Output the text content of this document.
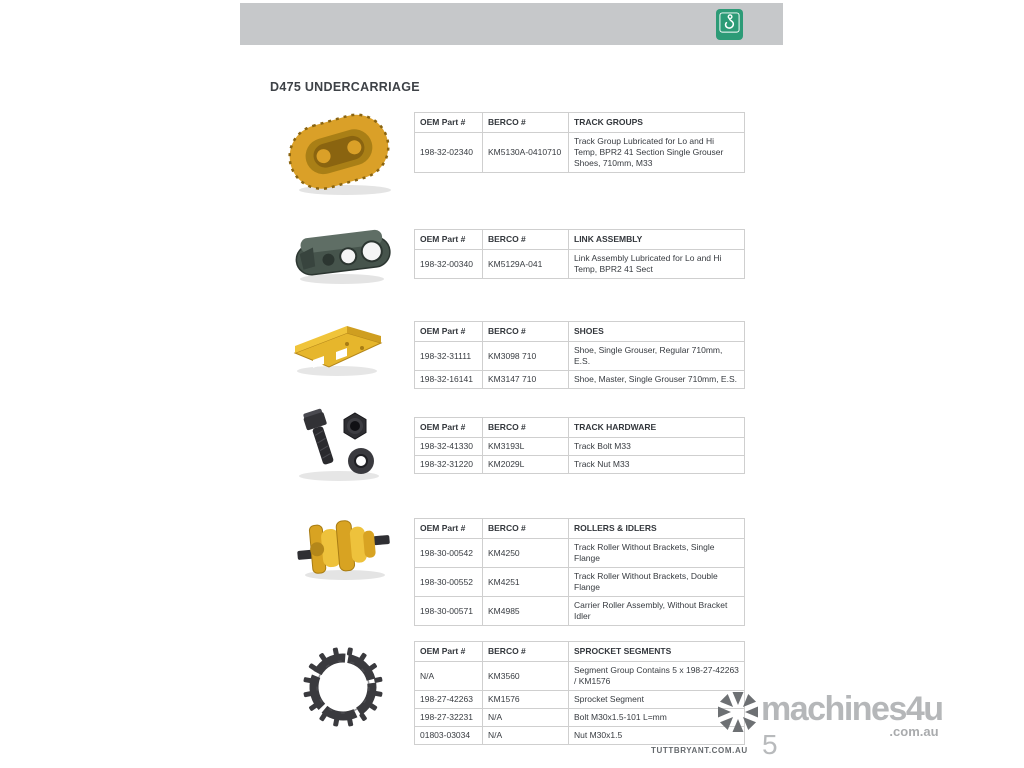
D475 UNDERCARRIAGE
OEM Part #	BERCO #	TRACK GROUPS
198-32-02340	KM5130A-0410710	Track Group Lubricated for Lo and Hi Temp, BPR2 41 Section Single Grouser Shoes, 710mm, M33
OEM Part #	BERCO #	LINK ASSEMBLY
198-32-00340	KM5129A-041	Link Assembly Lubricated for Lo and Hi Temp, BPR2 41 Sect
OEM Part #	BERCO #	SHOES
198-32-31111	KM3098 710	Shoe, Single Grouser, Regular 710mm, E.S.
198-32-16141	KM3147 710	Shoe, Master, Single Grouser 710mm, E.S.
OEM Part #	BERCO #	TRACK HARDWARE
198-32-41330	KM3193L	Track Bolt M33
198-32-31220	KM2029L	Track Nut M33
OEM Part #	BERCO #	ROLLERS & IDLERS
198-30-00542	KM4250	Track Roller Without Brackets, Single Flange
198-30-00552	KM4251	Track Roller Without Brackets, Double Flange
198-30-00571	KM4985	Carrier Roller Assembly, Without Bracket Idler
OEM Part #	BERCO #	SPROCKET SEGMENTS
N/A	KM3560	Segment Group Contains 5 x 198-27-42263 / KM1576
198-27-42263	KM1576	Sprocket Segment
198-27-32231	N/A	Bolt M30x1.5-101 L=mm
01803-03034	N/A	Nut M30x1.5
machines4u
.com.au
TUTTBRYANT.COM.AU 5
